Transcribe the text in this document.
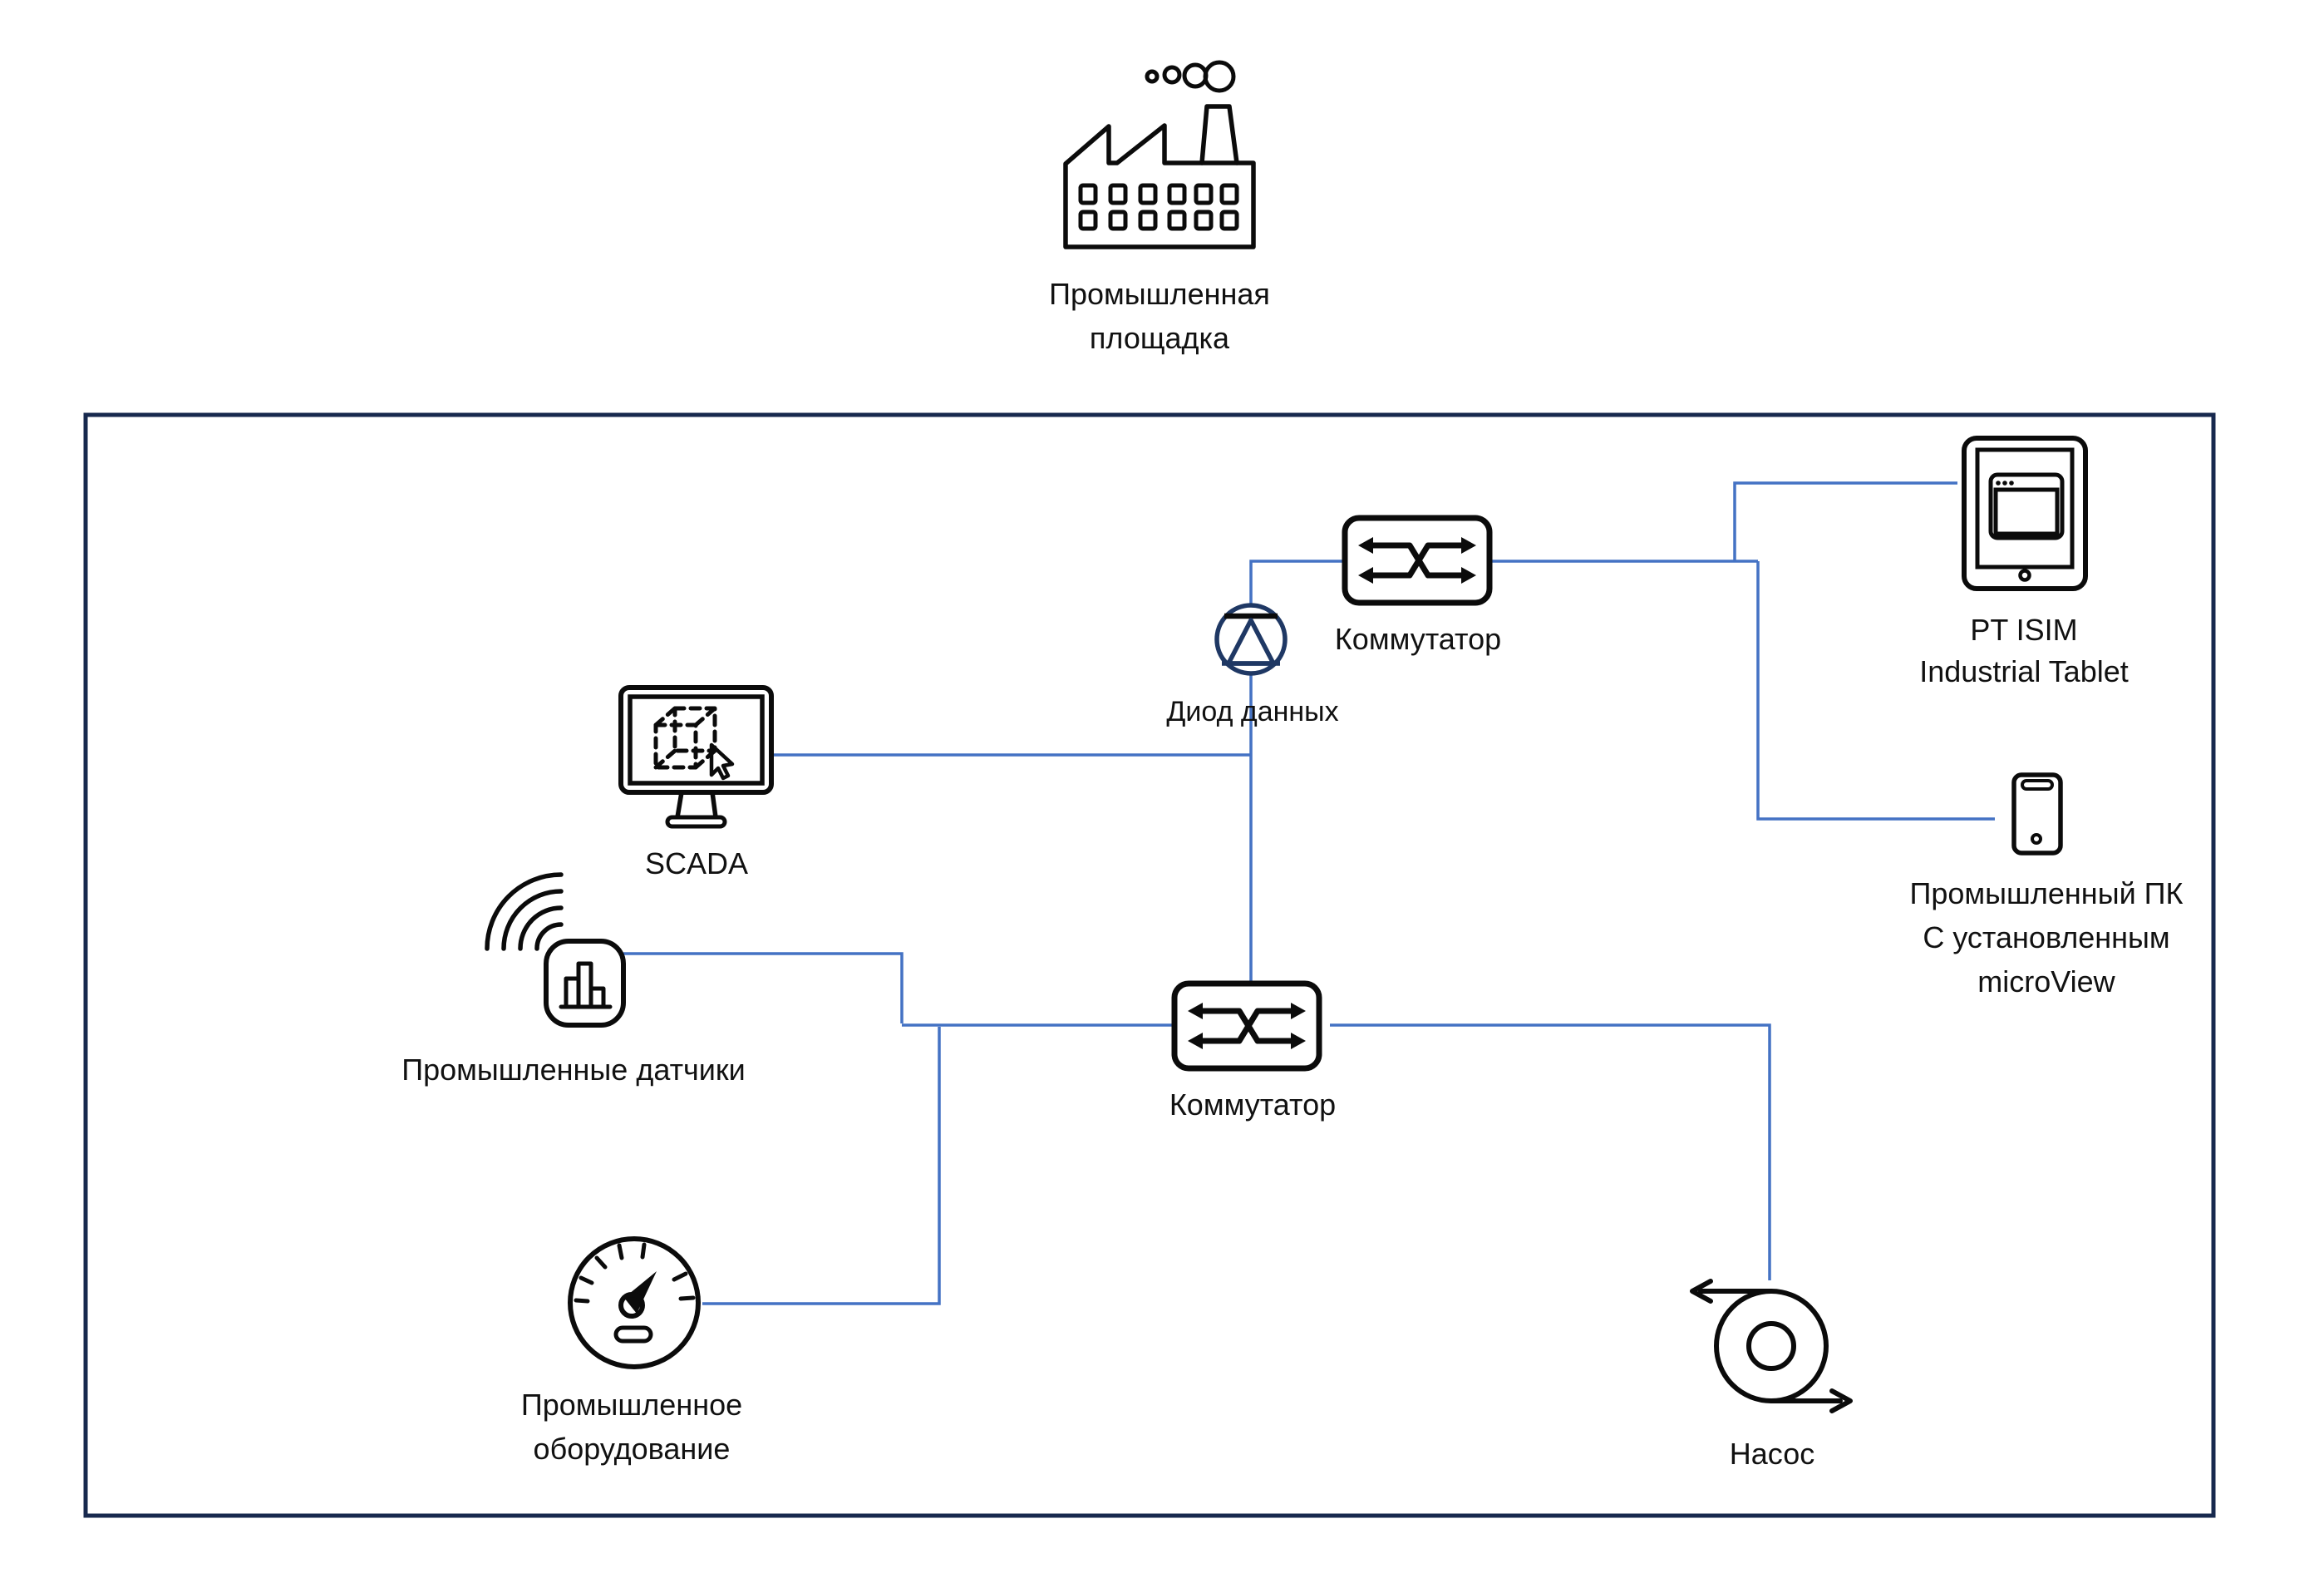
Промышленная
площадка
Коммутатор
Диод данных
SCADA
PT ISIM
Industrial Tablet
Промышленный ПК
С установленным
microView
Промышленные датчики
Коммутатор
Промышленное
оборудование	Насос
